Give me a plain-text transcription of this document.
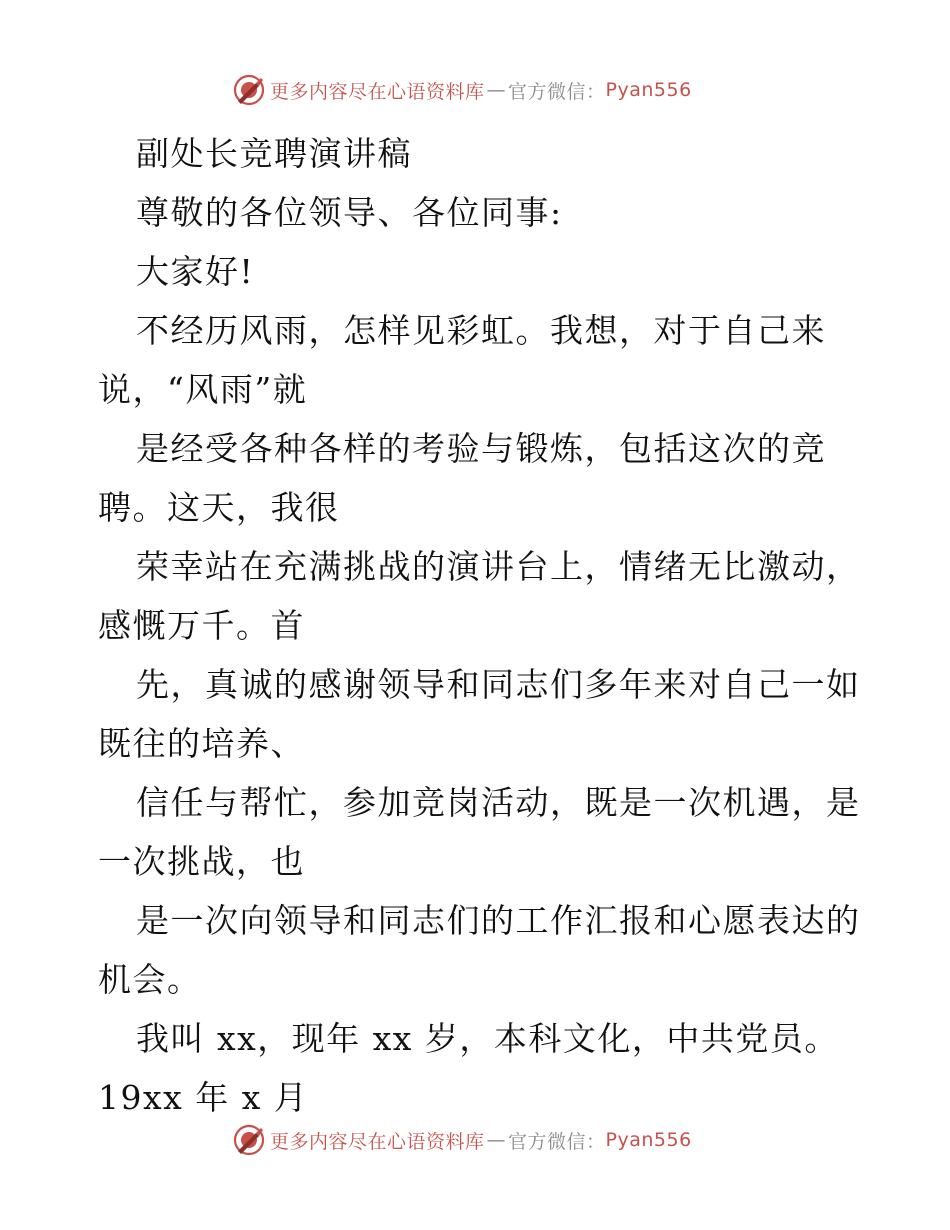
更多内容尽在心语资料库 — 官方微信： Pyan556
副处长竞聘演讲稿
尊敬的各位领导、各位同事:
大家好!
不经历风雨，怎样见彩虹。我想，对于自己来
说，“风雨”就
是经受各种各样的考验与锻炼，包括这次的竞
聘。这天，我很
荣幸站在充满挑战的演讲台上，情绪无比激动，
感慨万千。首
先，真诚的感谢领导和同志们多年来对自己一如
既往的培养、
信任与帮忙，参加竞岗活动，既是一次机遇，是
一次挑战，也
是一次向领导和同志们的工作汇报和心愿表达的
机会。
我叫 xx，现年 xx 岁，本科文化，中共党员。
19xx 年 x 月
更多内容尽在心语资料库 — 官方微信： Pyan556
